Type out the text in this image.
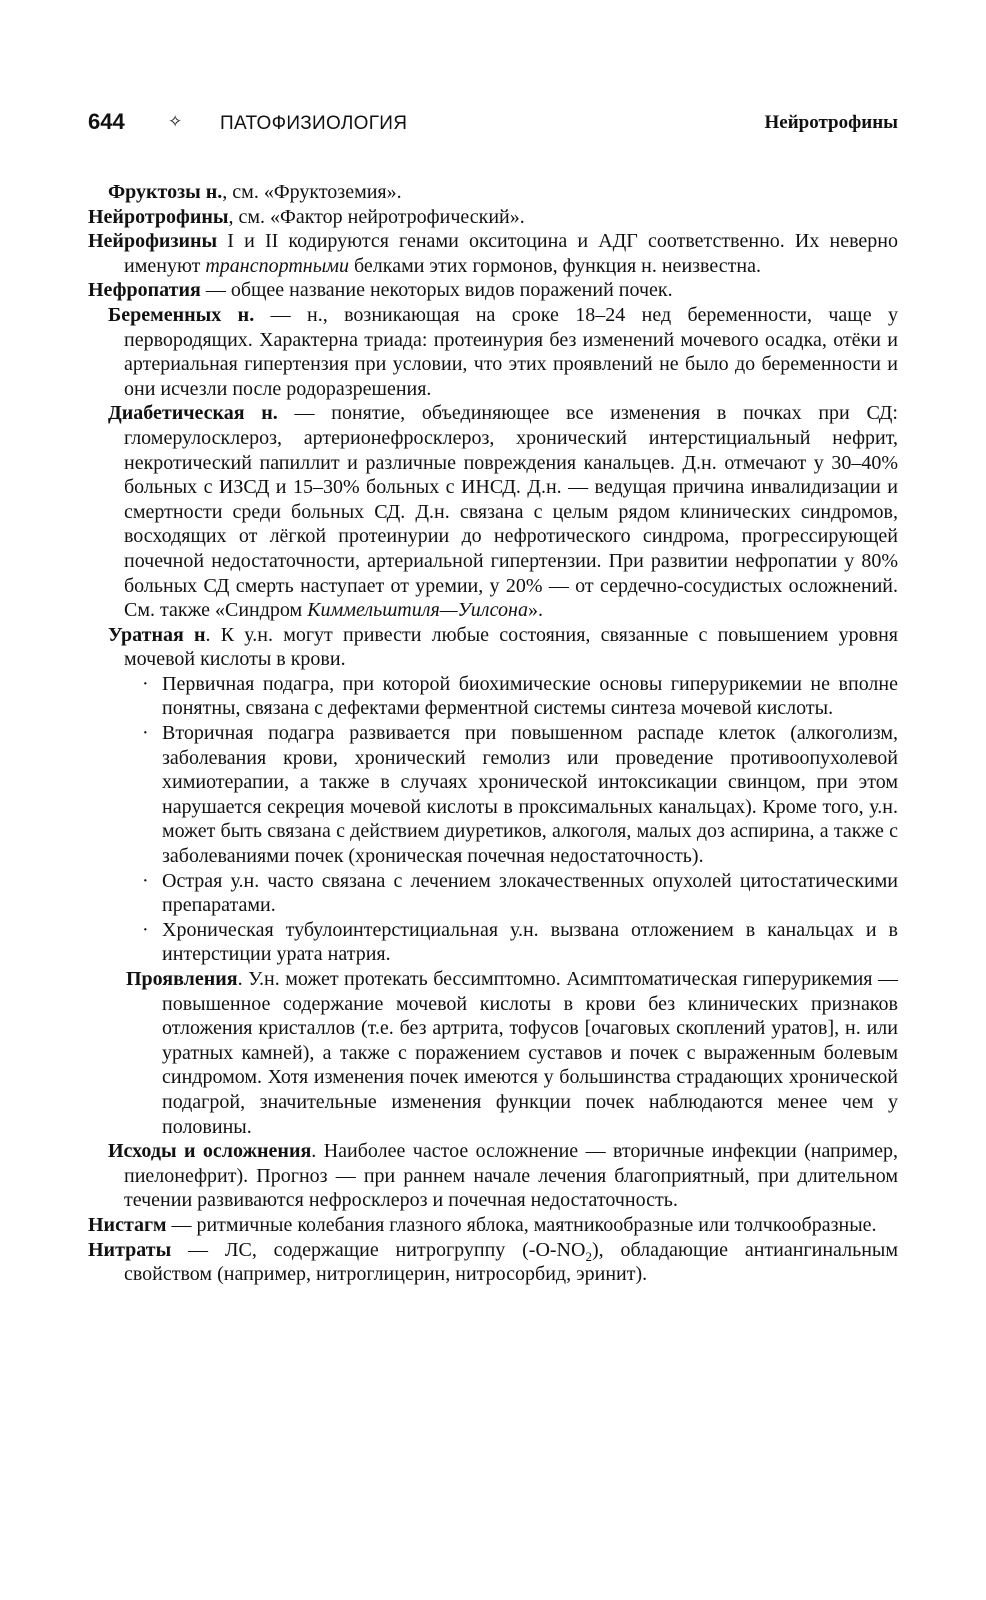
644	✧ ПАТОФИЗИОЛОГИЯ	Нейротрофины

Фруктозы н., см. «Фруктоземия».

Нейротрофины, см. «Фактор нейротрофический».

Нейрофизины I и II кодируются генами окситоцина и АДГ соответственно. Их неверно именуют транспортными белками этих гормонов, функция н. неизвестна.

Нефропатия — общее название некоторых видов поражений почек.

Беременных н. — н., возникающая на сроке 18–24 нед беременности, чаще у первородящих. Характерна триада: протеинурия без изменений мочевого осадка, отёки и артериальная гипертензия при условии, что этих проявлений не было до беременности и они исчезли после родоразрешения.

Диабетическая н. — понятие, объединяющее все изменения в почках при СД: гломерулосклероз, артерионефросклероз, хронический интерстициальный нефрит, некротический папиллит и различные повреждения канальцев. Д.н. отмечают у 30–40% больных с ИЗСД и 15–30% больных с ИНСД. Д.н. — ведущая причина инвалидизации и смертности среди больных СД. Д.н. связана с целым рядом клинических синдромов, восходящих от лёгкой протеинурии до нефротического синдрома, прогрессирующей почечной недостаточности, артериальной гипертензии. При развитии нефропатии у 80% больных СД смерть наступает от уремии, у 20% — от сердечно-сосудистых осложнений. См. также «Синдром Киммельштиля—Уилсона».

Уратная н. К у.н. могут привести любые состояния, связанные с повышением уровня мочевой кислоты в крови.

· Первичная подагра, при которой биохимические основы гиперурикемии не вполне понятны, связана с дефектами ферментной системы синтеза мочевой кислоты.

· Вторичная подагра развивается при повышенном распаде клеток (алкоголизм, заболевания крови, хронический гемолиз или проведение противоопухолевой химиотерапии, а также в случаях хронической интоксикации свинцом, при этом нарушается секреция мочевой кислоты в проксимальных канальцах). Кроме того, у.н. может быть связана с действием диуретиков, алкоголя, малых доз аспирина, а также с заболеваниями почек (хроническая почечная недостаточность).

· Острая у.н. часто связана с лечением злокачественных опухолей цитостатическими препаратами.

· Хроническая тубулоинтерстициальная у.н. вызвана отложением в канальцах и в интерстиции урата натрия.

Проявления. У.н. может протекать бессимптомно. Асимптоматическая гиперурикемия — повышенное содержание мочевой кислоты в крови без клинических признаков отложения кристаллов (т.е. без артрита, тофусов [очаговых скоплений уратов], н. или уратных камней), а также с поражением суставов и почек с выраженным болевым синдромом. Хотя изменения почек имеются у большинства страдающих хронической подагрой, значительные изменения функции почек наблюдаются менее чем у половины.

Исходы и осложнения. Наиболее частое осложнение — вторичные инфекции (например, пиелонефрит). Прогноз — при раннем начале лечения благоприятный, при длительном течении развиваются нефросклероз и почечная недостаточность.

Нистагм — ритмичные колебания глазного яблока, маятникообразные или толчкообразные.

Нитраты — ЛС, содержащие нитрогруппу $(-O-NO_2)$, обладающие антиангинальным свойством (например, нитроглицерин, нитросорбид, эринит).
